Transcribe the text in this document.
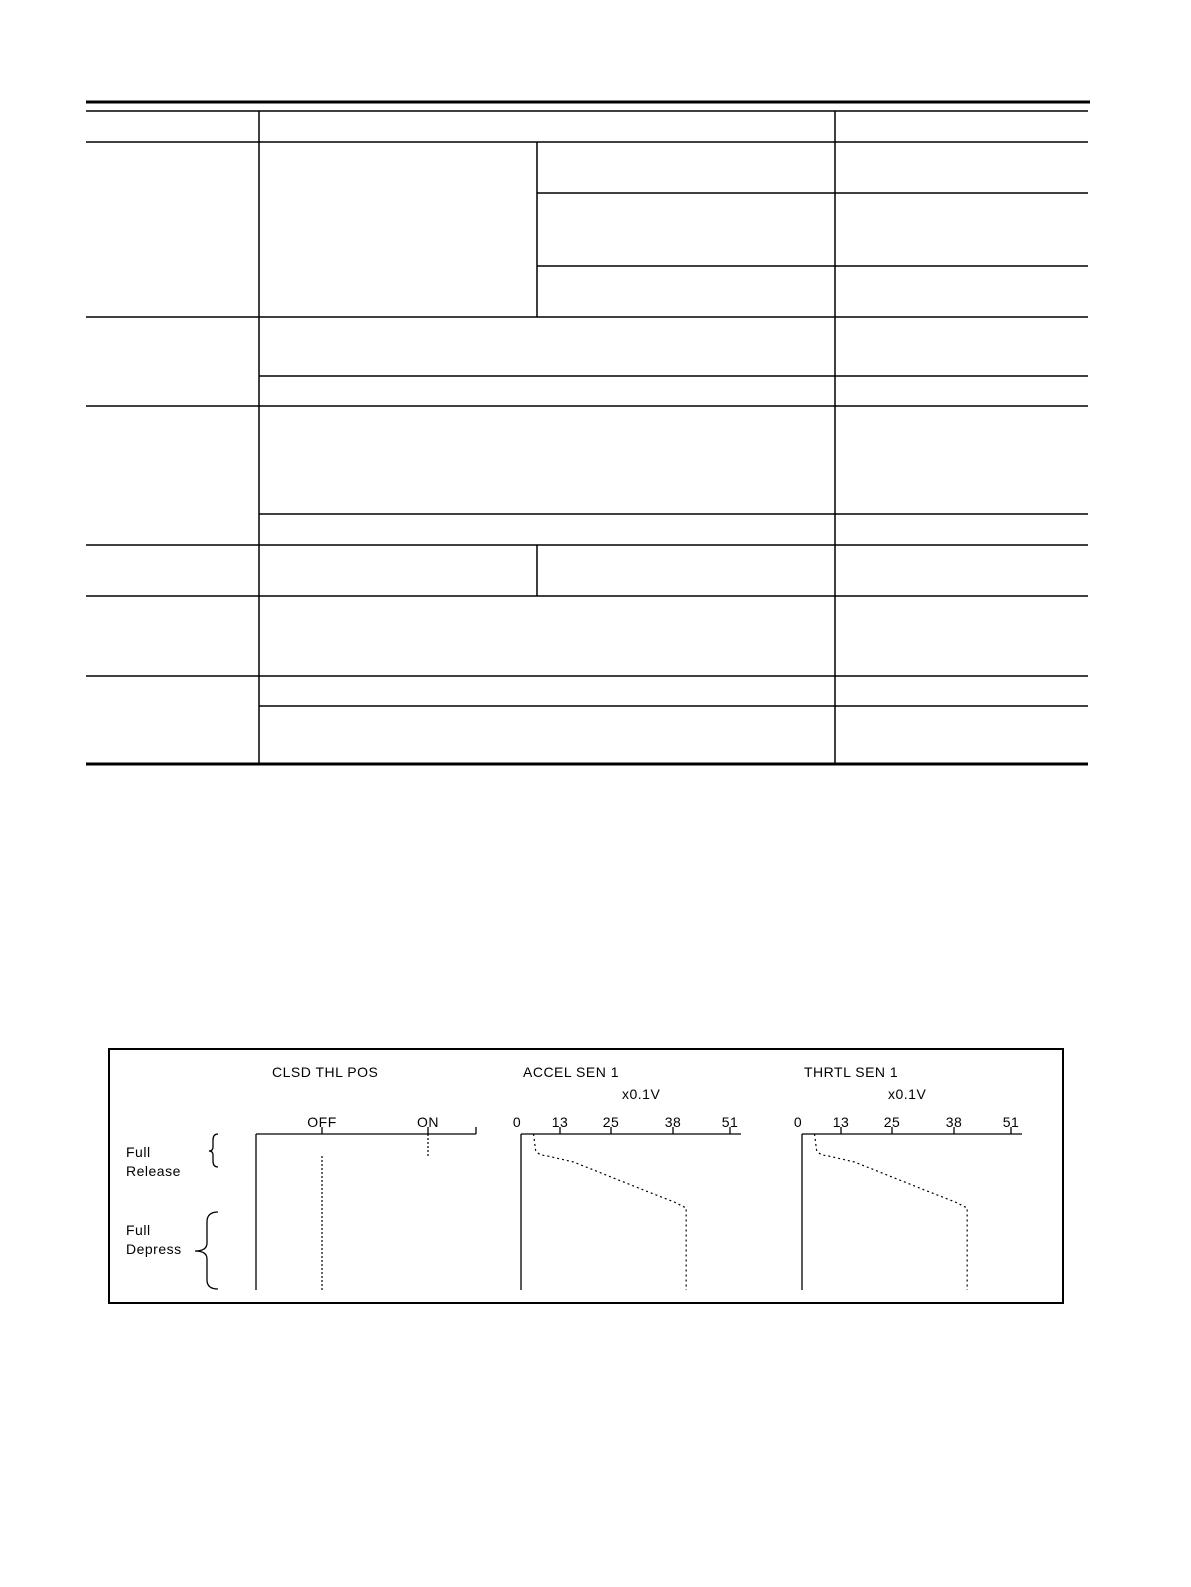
CLSD THL POS	ACCEL SEN 1	THRTL SEN 1
x0.1V	x0.1V
OFF	ON	0 13 25	38	51	0 13 25	38	51
Full
Release
Full
Depress
